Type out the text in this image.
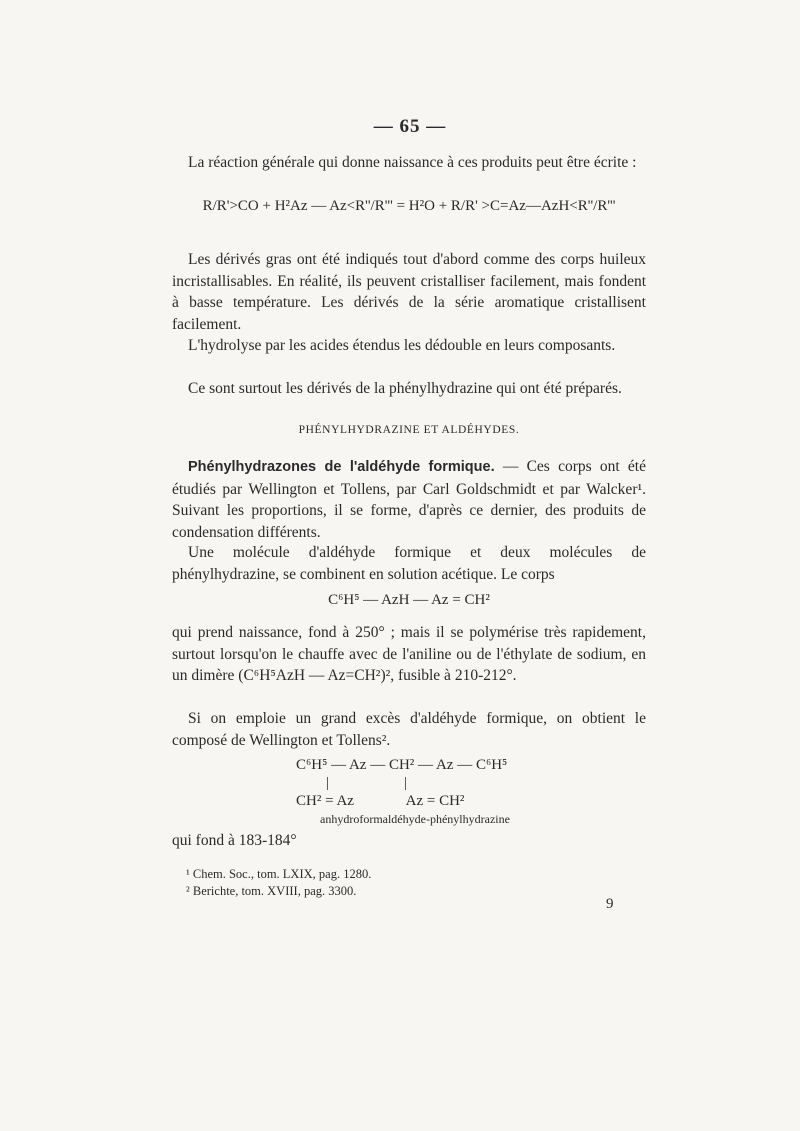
— 65 —

La réaction générale qui donne naissance à ces produits peut être écrite :

R/R'>CO + H²Az — Az<R''/R''' = H²O + R/R' >C=Az—AzH<R''/R'''

Les dérivés gras ont été indiqués tout d'abord comme des corps huileux incristallisables. En réalité, ils peuvent cristalliser facilement, mais fondent à basse température. Les dérivés de la série aromatique cristallisent facilement.

L'hydrolyse par les acides étendus les dédouble en leurs composants.

Ce sont surtout les dérivés de la phénylhydrazine qui ont été préparés.

PHÉNYLHYDRAZINE ET ALDÉHYDES.

Phénylhydrazones de l'aldéhyde formique. — Ces corps ont été étudiés par Wellington et Tollens, par Carl Goldschmidt et par Walcker¹. Suivant les proportions, il se forme, d'après ce dernier, des produits de condensation différents.

Une molécule d'aldéhyde formique et deux molécules de phénylhydrazine, se combinent en solution acétique. Le corps

C⁶H⁵ — AzH — Az = CH²

qui prend naissance, fond à 250° ; mais il se polymérise très rapidement, surtout lorsqu'on le chauffe avec de l'aniline ou de l'éthylate de sodium, en un dimère (C⁶H⁵AzH — Az=CH²)², fusible à 210-212°.

Si on emploie un grand excès d'aldéhyde formique, on obtient le composé de Wellington et Tollens².

C⁶H⁵ — Az — CH² — Az — C⁶H⁵
|                    |
CH² = Az              Az = CH²
anhydroformaldéhyde-phénylhydrazine

qui fond à 183-184°

¹ Chem. Soc., tom. LXIX, pag. 1280.
² Berichte, tom. XVIII, pag. 3300.
9
